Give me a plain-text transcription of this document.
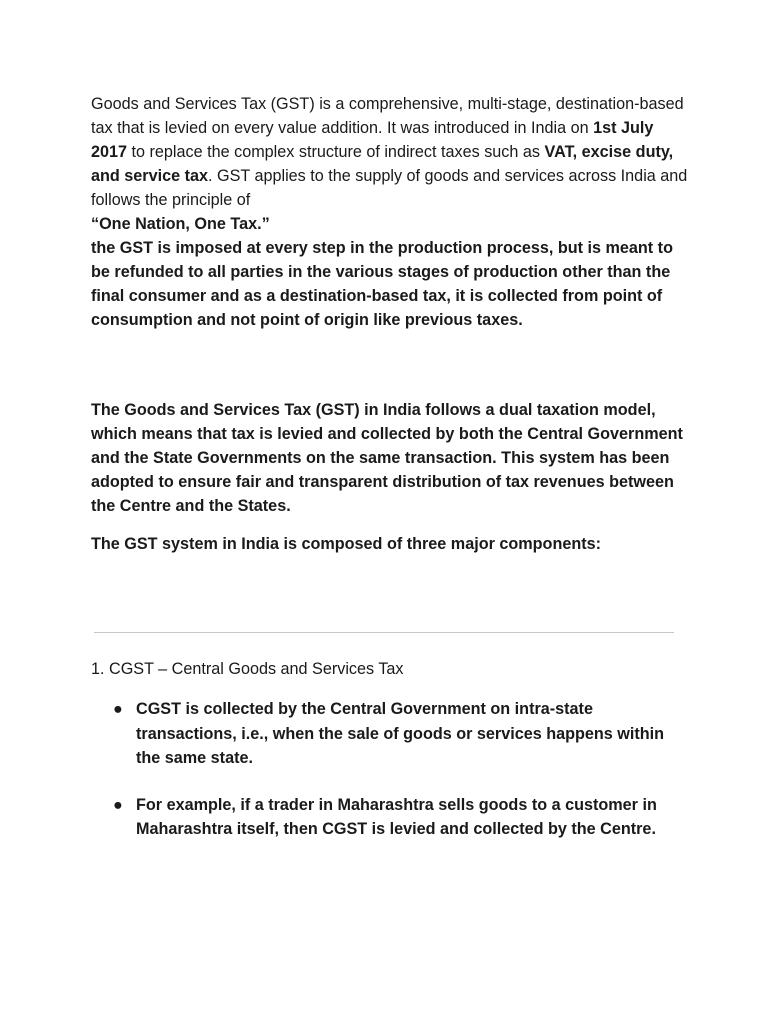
Goods and Services Tax (GST) is a comprehensive, multi-stage, destination-based tax that is levied on every value addition. It was introduced in India on 1st July 2017 to replace the complex structure of indirect taxes such as VAT, excise duty, and service tax. GST applies to the supply of goods and services across India and follows the principle of
“One Nation, One Tax.”

the GST is imposed at every step in the production process, but is meant to be refunded to all parties in the various stages of production other than the final consumer and as a destination-based tax, it is collected from point of consumption and not point of origin like previous taxes.

The Goods and Services Tax (GST) in India follows a dual taxation model, which means that tax is levied and collected by both the Central Government and the State Governments on the same transaction. This system has been adopted to ensure fair and transparent distribution of tax revenues between the Centre and the States.

The GST system in India is composed of three major components:

1. CGST – Central Goods and Services Tax

● CGST is collected by the Central Government on intra-state transactions, i.e., when the sale of goods or services happens within the same state.
● For example, if a trader in Maharashtra sells goods to a customer in Maharashtra itself, then CGST is levied and collected by the Centre.
